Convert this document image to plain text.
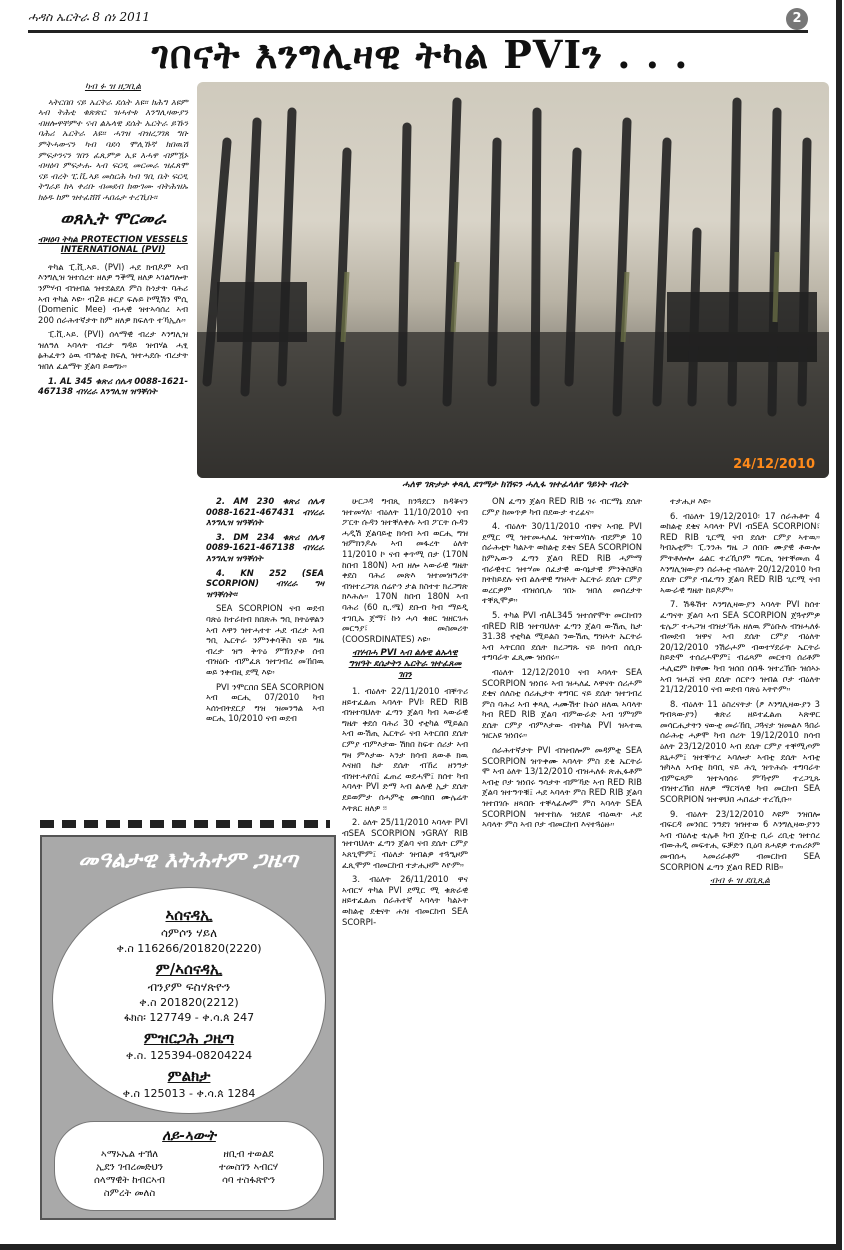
ሓዳስ ኤርትራ 8 ሰነ 2011	2
ገበናት እንግሊዛዊ ትካል PVIን . . .
ካብ ፉ ዝ ዘጋቢል

ኣትርበበ ናይ ኤርትራ ደሴት እዩ። ክሕግ እዩም ኣብ ትሕቲ ቁጽጽር ዝሓተቱ እንግሊዛውያን ብዘሎዋቸምተ ናብ ልኡላዊ ደሴት ኤርትራ ይኹን ባሕሪ ኤርትራ እዩ። ሓገዝ ብዝረጋገጸ ግቡ ምትሓውናን ካብ ባደሳ ሞሊኹኛ ክበዉሽ ምፍታንናን ገበን ፈጺምዎ ኢዩ እሓዋ ብምዃኑ ብዛዕባ ምፍታሑ ኣብ ፍርዲ መርመራ ዝፈጸሞ ናይ ብረት ፒ.ቪ.ኣይ መስርሕ ካብ ዓቢ ቤት ፍርዲ ትግራይ ከኣ ቀሪቡ ብመደብ ክውገሙ ብትሕዝኡ ክዕዱ ከም ዝተፈሸሸ ሓበሬታ ተረኺቡ።

ወጸኢት ሞርመራ
ብዛዕባ ትካል PROTECTION VESSELS INTERNATIONAL (PVI)

ትካል ፒ.ቪ.ኣይ. (PVI) ሓደ ክብዶም ኣብ እንግሊዝ ዝተሰረተ ዘለዎ ዓቕሚ ዘለዎ ኣገልግሎት ንምሃብ ብዝብል ዝተደልደለ ምስ ኩነታት ባሕሪ ኣብ ትካል እዩ። ብ2ይ ዙርያ ፍሉይ ኮሚሽን ሞሲ (Domenic Mee) ብሓዊ ዝተኣሳሰረ ኣብ 200 ሰራሕተኛታት ከም ዘለዎ ክፍለጥ ተኻኢሉ።

ፒ.ቪ.ኣይ. (PVI) ሰላማዊ ብረታ እንግሊዝ ዝለዓለ ኣባላት ብረታ ግዳይ ዝብሃል ሓፂ ፅሕፈትን ዕዉ ብዓልቲ ክፍሊ ዝተሓደሱ ብረታት ዝበለ ፈልማት ጀልባ ይወግኑ።

1. AL 345 ቁጽሪ ሰሌዳ 0088-1621-467138 ብሃረራ እንግሊዝ ዝዓቐሰት

24/12/2010
ሓለዋ ገጽታታ ቀጻሊ ደገማታ ክሽፍን ሓሊፋ ዝተፈላለየ ዓይነት ብረት

2. AM 230 ቁጽሪ ሰሌዳ 0088-1621-467431 ብሃረራ እንግሊዝ ዝዓቐሰት

3. DM 234 ቁጽሪ ሰሌዳ 0089-1621-467138 ብሃረራ እንግሊዝ ዝዓቐሰት

4. KN 252 (SEA SCORPION) ብሃረራ ግዛ ዝዓቐሰት።

SEA SCORPION ናብ ወደብ ባጽዕ ከተራክብ ክበጽሕ ዓቢ ክትዕዋልን ኣብ እዋን ዝተሓተተ ሓደ ብረታ ኣብ ዓቢ ኤርትራ ንምንቀሳቕስ ናይ ግዜ ብረታ ዝዓ ቅጥዕ ምኽንያቱ ሰብ ብዝዕቡ ብምፈጸ ዝተገብረ መኸበዉ ወይ ንቀብዚ ደሚ እዩ።

PVI ንሞርበበ SEA SCORPION ኣብ ወርሒ 07/2010 ካብ ኣሰነብትደርያ ግዝ ዝመንዓል ኣብ ወርሒ 10/2010 ናብ ወደብ

ሁርጋዳ ግብጺ ክንጓደርን ክዳቖናን ዝተመሃለ፡ ብዕለት 11/10/2010 ናብ ፖርት ሱዳን ዝተቐለቀሉ ኣብ ፖርት ሱዳን ሓዲሽ ጀልባይቲ ክሳብ ኣብ ወርሒ ግዝ ዝምክንዶሉ ኣብ መፋረት ዕለት 11/2010 ኮ ናብ ቀጥሚ በታ (170N ከበብ 180N) ኣብ ዘሎ ኣውራዊ ግዜት ቀደስ ባሕሪ መጽእ ዝተመዝዓሪት ብዝተረጋገጸ ሰሬዮን ታል ክስተተ ክረጋግጽ ክእሕሉ። 170N ከበብ 180N ኣብ ባሕሪ (60 ኪ.ሜ) ደቡብ ካብ ማይዲ ተገቢኡ ጀማ፣ ኩነ ሓሳ ቁፀር ዝዘርገሐ መርዓያ፣ መስመሪት (COOSRDINATES) እዩ።

ብሃብሓ PVI ኣብ ልሉዊ ልኡላዊ ግዝዓት ደሴታትን ኤርትራ ዝተፈጸመ ገበን

1. ብዕለት 22/11/2010 ብቐጥሪ ዘይተፈልጠ ኣባላት PVI፡ RED RIB ብዝተባህለት ፈጣን ጀልባ ካብ ኣውራዊ ግዜት ቀደሰ ባሕሪ 30 ኖቲካል ሚይልስ ኣብ ውሽጢ ኤርትራ ናብ ኣትርበበ ደሴት ርምያ ብምእታው ሽክበ ከፍተ ሰሪታ ኣብ ግዛ ምእታው ኣንታ ክሳብ ጸውቶ ክዉ እናዘበ ኬታ ደሴት ብኸረ ዘንዓታ ብዝተሓየሰ፤ ፈጠረ ወደሓሞ፤ ክሰተ ካብ ኣባላት PVI ድማ ኣብ ልሉዊ ኢታ ደሴት ደይወምታ ሰሓምቲ ሙሳክበ ሙሌሬት እትጸር ዘለዎ ፡፡

2. ዕለት 25/11/2010 ኣባላት PVI ብSEA SCORPION ንGRAY RIB ዝተባህለት ፈጣን ጀልባ ናብ ደሴት ርምያ ኣጸጊሞም፤ ብዕለታ ዝብልዎ ተጓዒዞም ፈጺሞም ብመርከብ ተታሒዞም እዮም።

3. ብዕለት 26/11/2010 ዋና ኣብርሃ ትካል PVI ደሚር ሚ ቁጽራዊ ዘይተፈልጠ ሰራሕተኛ ኣባላት ካልኦት ወከልቲ ደቂናት ሐዝ ብመርከብ SEA SCORPI-

ON ፈጣን ጀልባ RED RIB ገሩ ብርማኔ ደሴት ርምያ ከመጥዎ ካብ በደውታ ተረፊና።

4. ብዕለት 30/11/2010 ብዋና ኣብዪ PVI ደሚር ሚ ዝተመሓለፈ ዝተወሃበሉ ብደምዎ 10 ሰራሕቲት ካልኦት ወከልቲ ደቂና SEA SCORPION ከምኡውን ፈጣን ጀልባ RED RIB ሓምማ ብራዊተር ዝተሃመ ሰፈታዊ ውሳኔታዊ ምንቅስቓስ ክትከይደሉ ናብ ልሉዋዊ ግዝኣት ኤርትራ ደሴት ርምያ ወረርዎም ብዝሰቢሉ ገበኑ ዝበለ መሰረታት ተቐጺሞዎ።

5. ትካል PVI ብAL345 ዝተሰየሞት መርከብን ብRED RIB ዝተባህለት ፈጣን ጀልባ ውሽጢ ኬታ 31.38 ኖቲካል ሚይልስ ንውሽጢ ግዝኣት ኤርትራ ኣብ ኣትርበበ ደሴት ክረጋግጹ ናይ ክሳብ ሰሲቡ ተግባራት ፈጺሙ ዝነበሩ።

ብዕለት 12/12/2010 ናብ ኣባላት SEA SCORPION ዝነበሩ ኣብ ዝሓለፈ እዋናት ሰሪሖም ደቂና ሰለስቲ ሰሪሒታት ትግባር ናይ ደሴት ዝተገብረ ምስ ባሕሪ ኣብ ቀጻሊ ሓሙሽተ ኩዕሶ ዘለዉ ኣባላት ካብ RED RIB ጀልባ ብምውራድ ኣብ ገምገም ደሴት ርምያ ብምእታው ብትካል PVI ዝኣተዉ ዝርአዩ ዝነበሩ።

ሰራሕተኛታት PVI ብዝብሎም መዳምቲ SEA SCORPION ዝጥቀሙ ኣባላት ምስ ደቂ ኤርትራ ሞ ኣብ ዕለት 13/12/2010 ብዝሓለፉ ጽሒፋቶም ኣብቲ ቦታ ዝነበሩ ዓሳታት ብምኻድ ኣብ RED RIB ጀልባ ዝተዓጥቑ፤ ሓደ ኣባላት ምስ RED RIB ጀልባ ዝተበገሱ ዘጻበቡ ተቐላፊሎም ምስ ኣባላት SEA SCORPION ዝተተከሉ ዝደለዩ ብዕዉት ሓደ ኣባላት ምስ ኣብ ቦታ ብመርከብ እናተጓዕዙ።

ተታሒዞ እዩ።

6. ብዕለት 19/12/2010፡ 17 ሰራሕቶት 4 ወከልቲ ደቂና ኣባላት PVI ብSEA SCORPION፣ RED RIB ጊርሚ ናብ ደሴት ርምያ ኣተዉ። ካብኡቲም፡ ፒ.ንንሕ ግዜ ጋ ሰበቡ ሙያዊ ቶውሎ ምትቶሎሎ ሬልር ተረኺቦም ግርጢ ዝተቐመጠ 4 እንግሊዝውያን ሰራሕቲ ብዕለት 20/12/2010 ካብ ደሴት ርምያ ብፈጣን ጀልባ RED RIB ጊርሚ ናብ ኣውራዊ ግዜት ከይዶም።

7. ሽዱሽተ እንግሊዛውያን ኣባላት PVI ከሰተ ፈጣናት ጀልባ ኣብ SEA SCORPION ጀጓኖምዎ ቴሌፖ ተሓጋዝ ብዝታኻሕ ዘለዉ ምዕቡሉ ብዝሓለፉ ብመደብ ዝዋና ኣብ ደሴት ርምያ ብዕለት 20/12/2010 ንሽራሖም ብወተሃደራት ኤርትራ ከይድሞ ተሰሪሖሞም፤ ብሬጻም መርተባ ሰሪቶም ሓሊፎም ከዋሙ ካብ ዝሰበ ሰበዱ ዝተረኽቡ ዝሰኣኑ ኣብ ዝሓሸ ናብ ደሴት ሰርዮን ዝብል ቦታ ብዕለት 21/12/2010 ናብ ወደብ ባጽዕ ኣትዮም።

8. ብዕለት 11 ዕስረናትታ (ፆ እንግሊዛውያን 3 ግብጻውያን) ቁጽሪ ዘይተፈልጠ ኣጽዋር መሳርሒታትን ናውቲ መራኸቢ ጋጓናታ ዝመልእ ጓበራ ሰራሕቲ ሓዎሞ ካብ ሰሪት 19/12/2010 ክሳብ ዕለት 23/12/2010 ኣብ ደሴት ርምያ ተቐሚጦም ጸኒሖም፤ ዝተቐጥረ ኣባሎታ ኣብቲ ደሴት ኣብቲ ዝካኣለ ኣብቲ ከባቢ ናይ ሕጊ ዝጥሕሱ ተግባራት ብምፍጻም ዝተኣሳሰሩ ምኻኖም ተረጋጊጹ ብዝተረኽበ ዘለዎ ማርሻላዊ ካብ መርከብ SEA SCORPION ዝተዋህበ ሓበሬታ ተረኺቡ።

9. ብዕለት 23/12/2010 እዩም ንዝበሎ ብፍርዳ መንበር ንዓደገ ዝዝተወ 6 እንግሊዛውያንን ኣብ ብዕለቲ ቴሌቶ ካብ ጀቡቲ ቢራ ረቢቲ ዝተሰረ ብውሕዲ መፍተሒ ፍቓድን ቢዕባ ጸሓዩዎ ተጠሪጶም መብሰሓ ኣመሪራቶም ብመርከብ SEA SCORPION ፈጣን ጀልባ RED RIB።

ብብ ፉ ዝ ደቢጺል
መዓልታዊ እትሕተም ጋዜጣ
ኣሰናዳኢ
ሳምሶን ሃይለ
ቀ.ስ 116266/201820(2220)
ም/ኣሰናዳኢ
ብንያም ፍስሃጽዮን
ቀ.ስ 201820(2212)
ፋክስ፡ 127749 - ቀ.ሳ.ጰ 247
ምዝርጋሕ ጋዜጣ
ቀ.ስ. 125394-08204224
ምልክታ
ቀ.ስ 125013 - ቀ.ሳ.ጰ 1284
ለይ-ኣውት
ኣማኑኤል ተኽለ	ዘቢብ ተወልደ
ኢደን ገብረመድህን	ተመስገን ኣብርሃ
ሰላማዊት ከብርኣብ	ሳባ ተስፋጽዮን
ስምረት መለስ
